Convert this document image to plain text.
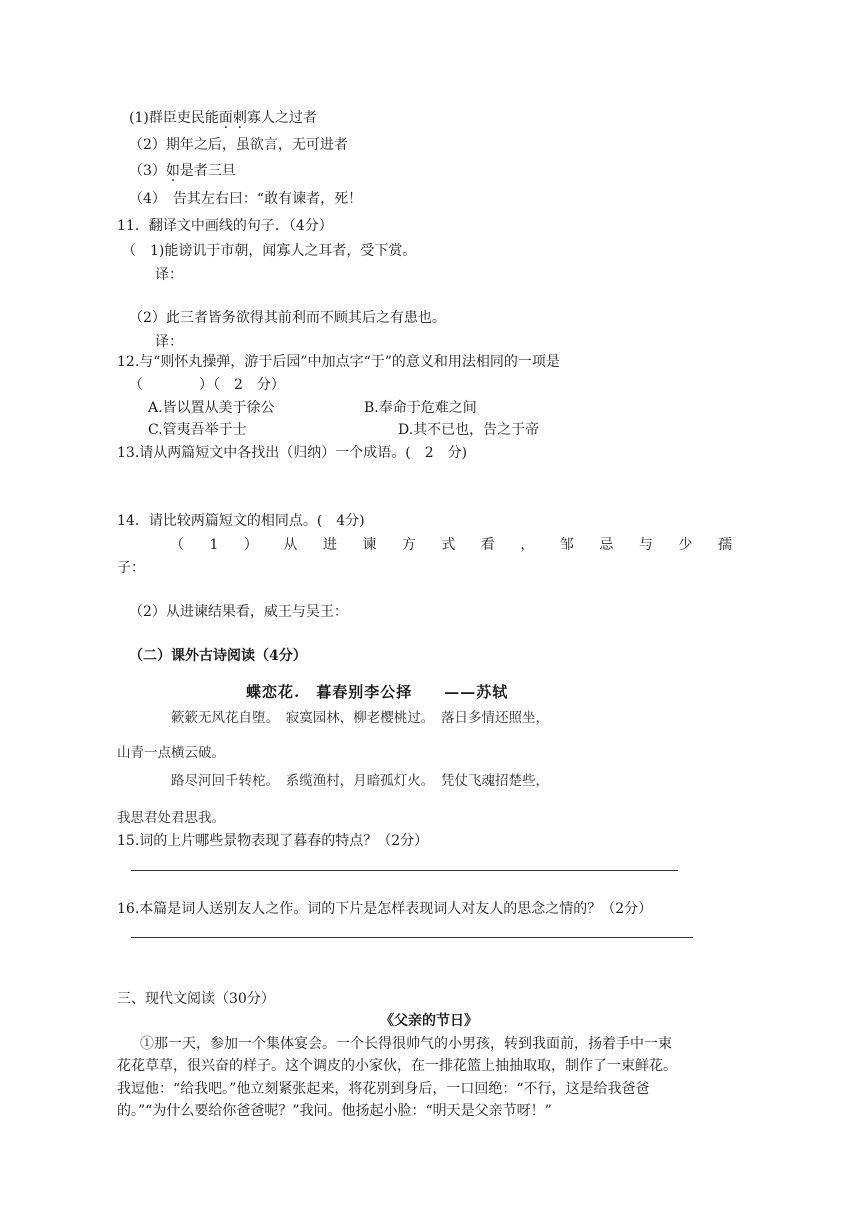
(1)群臣吏民能面刺寡人之过者
（2）期年之后，虽欲言，无可进者
（3）如是者三旦
（4）　告其左右曰：“敢有谏者，死！
11．翻译文中画线的句子．（4分）
（　1)能谤讥于市朝，闻寡人之耳者，受下赏。
译：
（2）此三者皆务欲得其前利而不顾其后之有患也。
译：
12.与“则怀丸操弹，游于后园”中加点字“于”的意义和用法相同的一项是
（　　　　）（　2　分）
A.皆以置从美于徐公	B.奉命于危难之间
C.管夷吾举于士	D.其不已也，告之于帝
13.请从两篇短文中各找出（归纳）一个成语。(　2　分)
14．请比较两篇短文的相同点。(　4分)
（ 1 ） 从 进 谏 方 式 看 ， 邹 忌 与 少 孺
子：
（2）从进谏结果看，威王与吴王：
（二）课外古诗阅读（4分）
蝶恋花.　暮春别李公择　　——苏轼
簌簌无风花自堕。　寂寞园林，柳老樱桃过。　落日多情还照坐，
山青一点横云破。
路尽河回千转柁。　系缆渔村，月暗孤灯火。　凭仗飞魂招楚些，
我思君处君思我。
15.词的上片哪些景物表现了暮春的特点？（2分）
16.本篇是词人送别友人之作。词的下片是怎样表现词人对友人的思念之情的？（2分）
三、现代文阅读（30分）
《父亲的节日》
①那一天，参加一个集体宴会。一个长得很帅气的小男孩，转到我面前，扬着手中一束
花花草草，很兴奋的样子。这个调皮的小家伙，在一排花篮上抽抽取取，制作了一束鲜花。
我逗他：“给我吧。”他立刻紧张起来，将花别到身后，一口回绝：“不行，这是给我爸爸
的。”“为什么要给你爸爸呢？”我问。他扬起小脸：“明天是父亲节呀！”
